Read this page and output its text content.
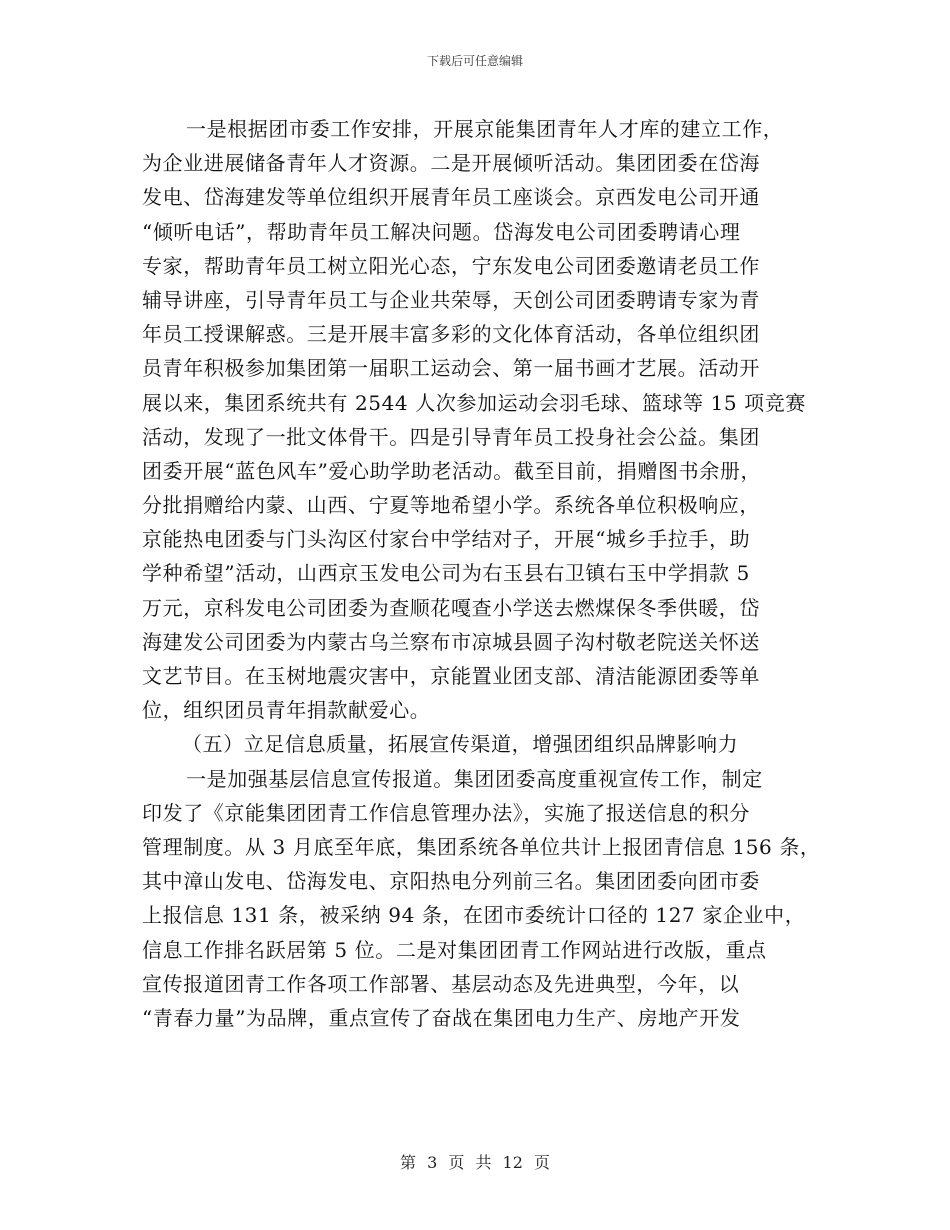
下载后可任意编辑
一是根据团市委工作安排，开展京能集团青年人才库的建立工作，
为企业进展储备青年人才资源。二是开展倾听活动。集团团委在岱海
发电、岱海建发等单位组织开展青年员工座谈会。京西发电公司开通
“倾听电话”，帮助青年员工解决问题。岱海发电公司团委聘请心理
专家，帮助青年员工树立阳光心态，宁东发电公司团委邀请老员工作
辅导讲座，引导青年员工与企业共荣辱，天创公司团委聘请专家为青
年员工授课解惑。三是开展丰富多彩的文化体育活动，各单位组织团
员青年积极参加集团第一届职工运动会、第一届书画才艺展。活动开
展以来，集团系统共有 2544 人次参加运动会羽毛球、篮球等 15 项竞赛
活动，发现了一批文体骨干。四是引导青年员工投身社会公益。集团
团委开展“蓝色风车”爱心助学助老活动。截至目前，捐赠图书余册，
分批捐赠给内蒙、山西、宁夏等地希望小学。系统各单位积极响应，
京能热电团委与门头沟区付家台中学结对子，开展“城乡手拉手，助
学种希望”活动，山西京玉发电公司为右玉县右卫镇右玉中学捐款 5
万元，京科发电公司团委为查顺花嘎查小学送去燃煤保冬季供暖，岱
海建发公司团委为内蒙古乌兰察布市凉城县圆子沟村敬老院送关怀送
文艺节目。在玉树地震灾害中，京能置业团支部、清洁能源团委等单
位，组织团员青年捐款献爱心。
（五）立足信息质量，拓展宣传渠道，增强团组织品牌影响力
一是加强基层信息宣传报道。集团团委高度重视宣传工作，制定
印发了《京能集团团青工作信息管理办法》，实施了报送信息的积分
管理制度。从 3 月底至年底，集团系统各单位共计上报团青信息 156 条，
其中漳山发电、岱海发电、京阳热电分列前三名。集团团委向团市委
上报信息 131 条，被采纳 94 条，在团市委统计口径的 127 家企业中，
信息工作排名跃居第 5 位。二是对集团团青工作网站进行改版，重点
宣传报道团青工作各项工作部署、基层动态及先进典型，今年，以
“青春力量”为品牌，重点宣传了奋战在集团电力生产、房地产开发
第 3 页 共 12 页
